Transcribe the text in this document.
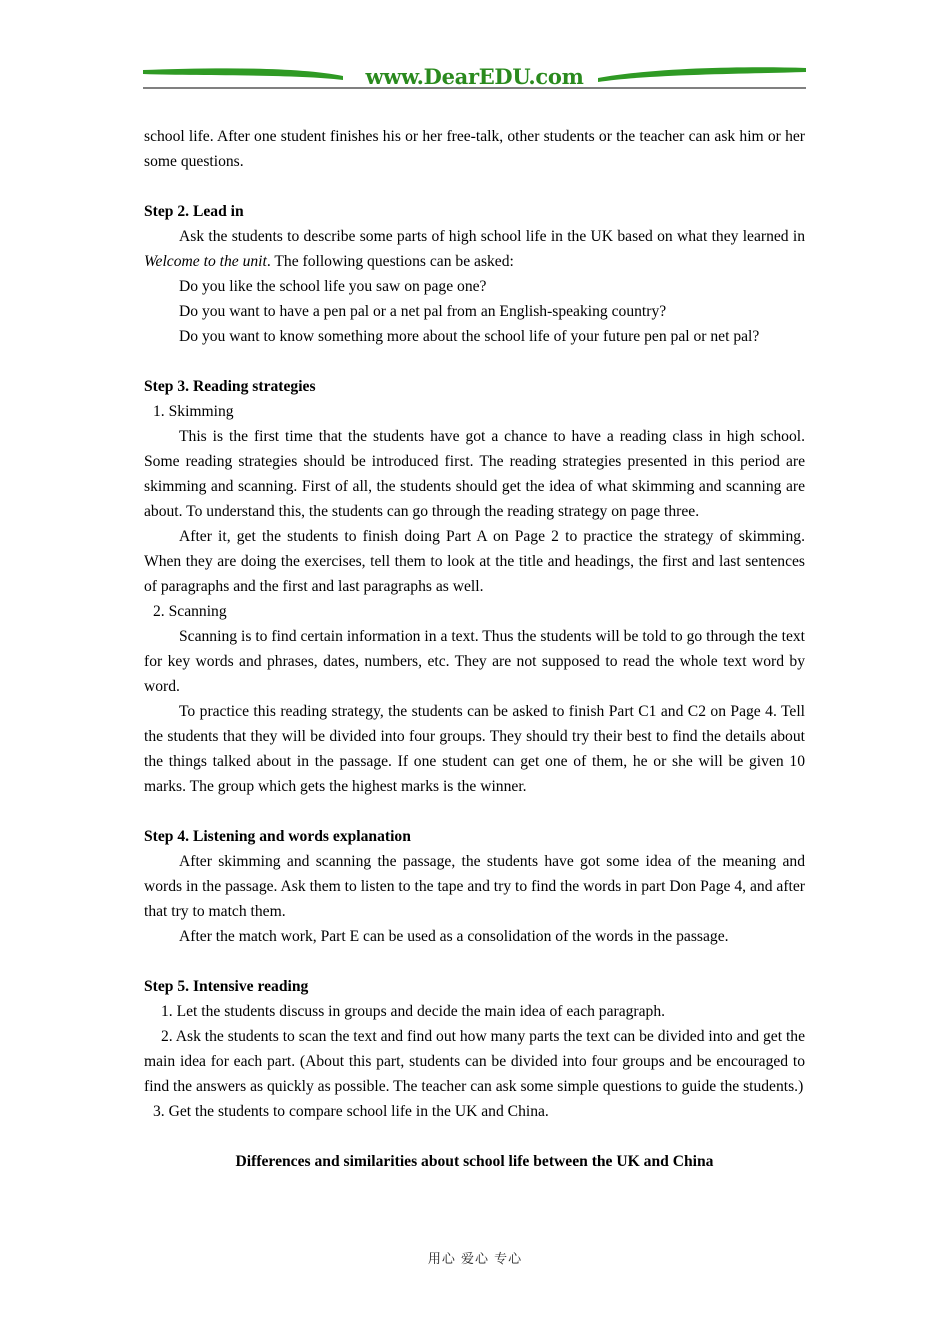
www.DearEDU.com

school life. After one student finishes his or her free-talk, other students or the teacher can ask him or her some questions.

Step 2. Lead in

Ask the students to describe some parts of high school life in the UK based on what they learned in Welcome to the unit. The following questions can be asked:

Do you like the school life you saw on page one?

Do you want to have a pen pal or a net pal from an English-speaking country?

Do you want to know something more about the school life of your future pen pal or net pal?

Step 3. Reading strategies

1. Skimming

This is the first time that the students have got a chance to have a reading class in high school. Some reading strategies should be introduced first. The reading strategies presented in this period are skimming and scanning. First of all, the students should get the idea of what skimming and scanning are about. To understand this, the students can go through the reading strategy on page three.

After it, get the students to finish doing Part A on Page 2 to practice the strategy of skimming. When they are doing the exercises, tell them to look at the title and headings, the first and last sentences of paragraphs and the first and last paragraphs as well.

2. Scanning

Scanning is to find certain information in a text. Thus the students will be told to go through the text for key words and phrases, dates, numbers, etc. They are not supposed to read the whole text word by word.

To practice this reading strategy, the students can be asked to finish Part C1 and C2 on Page 4. Tell the students that they will be divided into four groups. They should try their best to find the details about the things talked about in the passage. If one student can get one of them, he or she will be given 10 marks. The group which gets the highest marks is the winner.

Step 4. Listening and words explanation

After skimming and scanning the passage, the students have got some idea of the meaning and words in the passage. Ask them to listen to the tape and try to find the words in part Don Page 4, and after that try to match them.

After the match work, Part E can be used as a consolidation of the words in the passage.

Step 5. Intensive reading

1. Let the students discuss in groups and decide the main idea of each paragraph.

2. Ask the students to scan the text and find out how many parts the text can be divided into and get the main idea for each part. (About this part, students can be divided into four groups and be encouraged to find the answers as quickly as possible. The teacher can ask some simple questions to guide the students.)

3. Get the students to compare school life in the UK and China.

Differences and similarities about school life between the UK and China

用心 爱心 专心
